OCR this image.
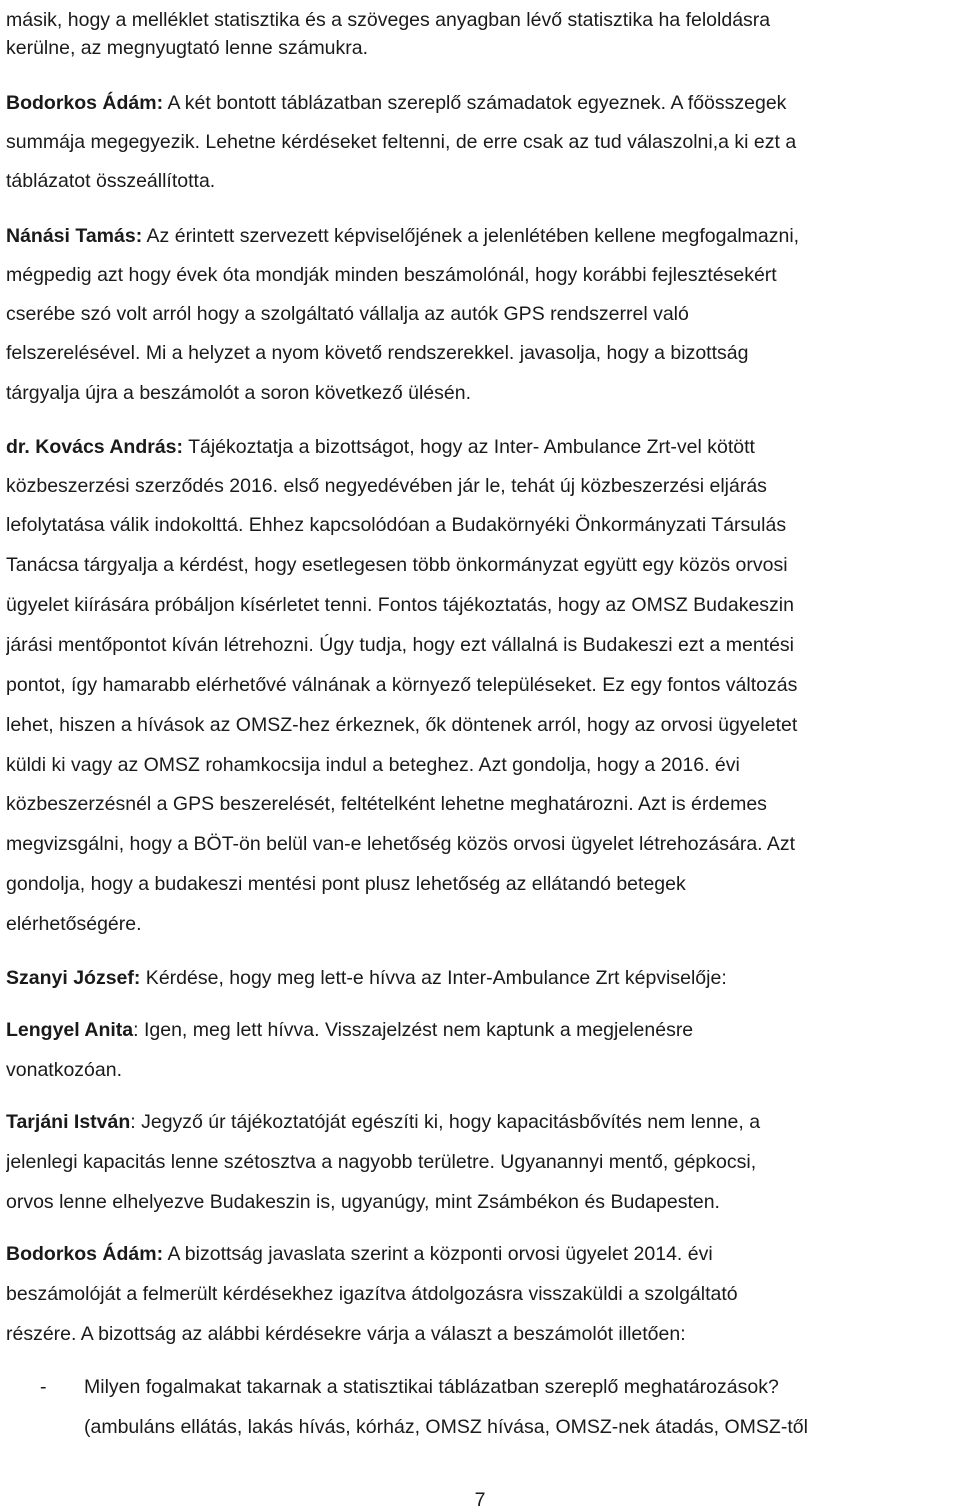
másik, hogy a melléklet statisztika és a szöveges anyagban lévő statisztika ha feloldásra
kerülne, az megnyugtató lenne számukra.
Bodorkos Ádám: A két bontott táblázatban szereplő számadatok egyeznek. A főösszegek
summája megegyezik. Lehetne kérdéseket feltenni, de erre csak az tud válaszolni,a ki ezt a
táblázatot összeállította.
Nánási Tamás: Az érintett szervezett képviselőjének a jelenlétében kellene megfogalmazni,
mégpedig azt hogy évek óta mondják minden beszámolónál, hogy korábbi fejlesztésekért
cserébe szó volt arról hogy a szolgáltató vállalja az autók GPS rendszerrel való
felszerelésével. Mi a helyzet a nyom követő rendszerekkel. javasolja, hogy a bizottság
tárgyalja újra a beszámolót a soron következő ülésén.
dr. Kovács András: Tájékoztatja a bizottságot, hogy az Inter- Ambulance Zrt-vel kötött
közbeszerzési szerződés 2016. első negyedévében jár le, tehát új közbeszerzési eljárás
lefolytatása válik indokolttá. Ehhez kapcsolódóan a Budakörnyéki Önkormányzati Társulás
Tanácsa tárgyalja a kérdést, hogy esetlegesen több önkormányzat együtt egy közös orvosi
ügyelet kiírására próbáljon kísérletet tenni. Fontos tájékoztatás, hogy az OMSZ Budakeszin
járási mentőpontot kíván létrehozni. Úgy tudja, hogy ezt vállalná is Budakeszi ezt a mentési
pontot, így hamarabb elérhetővé válnának a környező településeket. Ez egy fontos változás
lehet, hiszen a hívások az OMSZ-hez érkeznek, ők döntenek arról, hogy az orvosi ügyeletet
küldi ki vagy az OMSZ rohamkocsija indul a beteghez. Azt gondolja, hogy a 2016. évi
közbeszerzésnél a GPS beszerelését, feltételként lehetne meghatározni. Azt is érdemes
megvizsgálni, hogy a BÖT-ön belül van-e lehetőség közös orvosi ügyelet létrehozására. Azt
gondolja, hogy a budakeszi mentési pont plusz lehetőség az ellátandó betegek
elérhetőségére.
Szanyi József: Kérdése, hogy meg lett-e hívva az Inter-Ambulance Zrt képviselője:
Lengyel Anita: Igen, meg lett hívva. Visszajelzést nem kaptunk a megjelenésre
vonatkozóan.
Tarjáni István: Jegyző úr tájékoztatóját egészíti ki, hogy kapacitásbővítés nem lenne, a
jelenlegi kapacitás lenne szétosztva a nagyobb területre. Ugyanannyi mentő, gépkocsi,
orvos lenne elhelyezve Budakeszin is, ugyanúgy, mint Zsámbékon és Budapesten.
Bodorkos Ádám: A bizottság javaslata szerint a központi orvosi ügyelet 2014. évi
beszámolóját a felmerült kérdésekhez igazítva átdolgozásra visszaküldi a szolgáltató
részére. A bizottság az alábbi kérdésekre várja a választ a beszámolót illetően:
- Milyen fogalmakat takarnak a statisztikai táblázatban szereplő meghatározások?
(ambuláns ellátás, lakás hívás, kórház, OMSZ hívása, OMSZ-nek átadás, OMSZ-től
7
